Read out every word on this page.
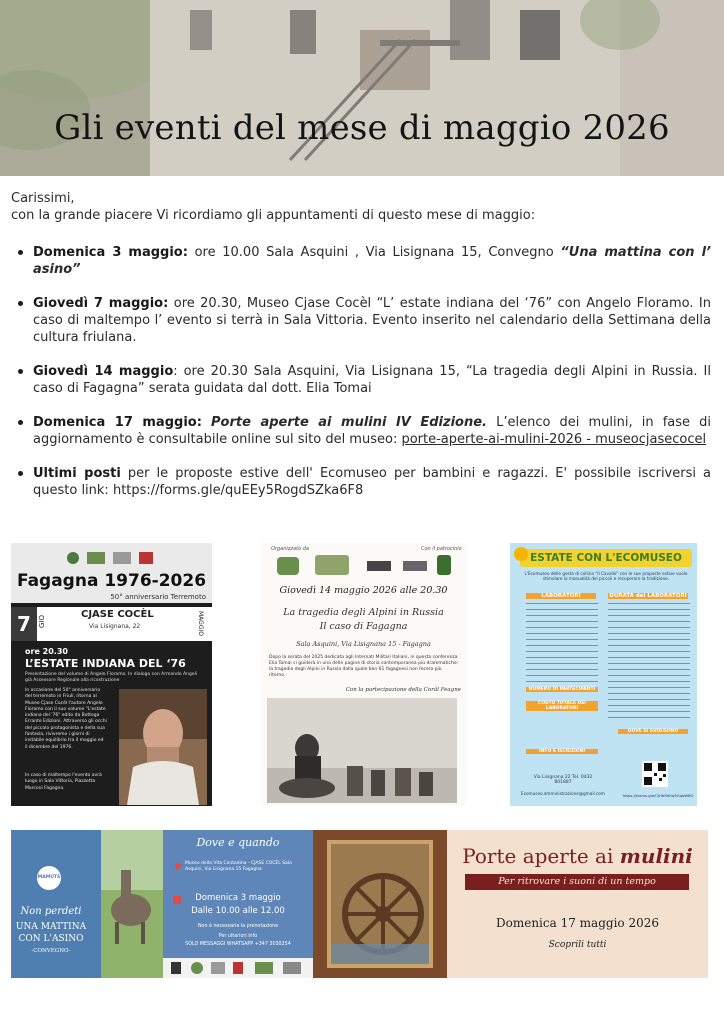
Gli eventi del mese di maggio 2026
Carissimi,
con la grande piacere Vi ricordiamo gli appuntamenti di questo mese di maggio:
Domenica 3 maggio: ore 10.00 Sala Asquini , Via Lisignana 15, Convegno “Una mattina con l’ asino”
Giovedì 7 maggio: ore 20.30, Museo Cjase Cocèl “L’ estate indiana del ‘76” con Angelo Floramo. In caso di maltempo l’ evento si terrà in Sala Vittoria. Evento inserito nel calendario della Settimana della cultura friulana.
Giovedì 14 maggio: ore 20.30 Sala Asquini, Via Lisignana 15, “La tragedia degli Alpini in Russia. Il caso di Fagagna” serata guidata dal dott. Elia Tomai
Domenica 17 maggio: Porte aperte ai mulini IV Edizione. L’elenco dei mulini, in fase di aggiornamento è consultabile online sul sito del museo: porte-aperte-ai-mulini-2026 - museocjasecocel
Ultimi posti per le proposte estive dell' Ecomuseo per bambini e ragazzi. E' possibile iscriversi a questo link: https://forms.gle/quEEy5RogdSZka6F8
Fagagna 1976-2026
50° anniversario Terremoto
7	GIO
CJASE COCÈL
Via Lisignana, 22	MAGGIO
ore 20.30
L’ESTATE INDIANA DEL ‘76
Presentazione del volume di Angelo Floramo. In dialogo con Armando Angeli già Assessore Regionale alla ricostruzione
In occasione del 50° anniversario del terremoto in Friuli, ritorna al Museo Cjase Cocèl l'autore Angelo Floramo con il suo volume "L'estate indiana del '76" edito da Bottega Errante Edizioni. Attraverso gli occhi del piccolo protagonista e della sua fantasia, rivivremo i giorni di instabile equilibrio tra il maggio ed il dicembre del 1976.
In caso di maltempo l'evento avrà luogo in Sala Vittoria, Piazzetta Marconi Fagagna.
Organizzato da	Con il patrocinio
Giovedì 14 maggio 2026 alle 20.30
La tragedia degli Alpini in Russia
Il caso di Fagagna
Sala Asquini, Via Lisignana 15 - Fagagna
Dopo la serata del 2025 dedicata agli Internati Militari Italiani, in questa conferenza Elia Tomai ci guiderà in una delle pagine di storia contemporanea più drammatiche: la tragedia degli Alpini in Russia dalla quale ben 61 fagagnesi non fecero più ritorno.
Con la partecipazione della Corâl Feagne
ESTATE CON L'ECOMUSEO
L'Ecomuseo delle gesta di collina "Il Cavallo" con le sue proposte estive vuole stimolare la manualità dei piccoli e recuperare la tradizione.
LABORATORI	DURATA dei LABORATORI
NUMERO DI PARTECIPANTI
COSTO TOTALE DEI LABORATORI
DOVE SI SVOLGONO
INFO E ISCRIZIONI
Via Lisignana 22 Tel. 0432 801887
Ecomuseo.amministrazione@gmail.com	https://forms.gle/CJHbRdhq9GqoW8G
MAMUTS
Non perdeti
UNA MATTINA
CON L'ASINO
-CONVEGNO-
Dove e quando
Museo della Vita Contadina - CJASE COCÈL Sala Asquini, Via Lisignana 15 Fagagna
Domenica 3 maggio
Dalle 10.00 alle 12.00
Non è necessaria la prenotazione
Per ulteriori info
SOLO MESSAGGI WHATSAPP +347 3030254
Porte aperte ai mulini
Per ritrovare i suoni di un tempo
Domenica 17 maggio 2026
Scoprili tutti
